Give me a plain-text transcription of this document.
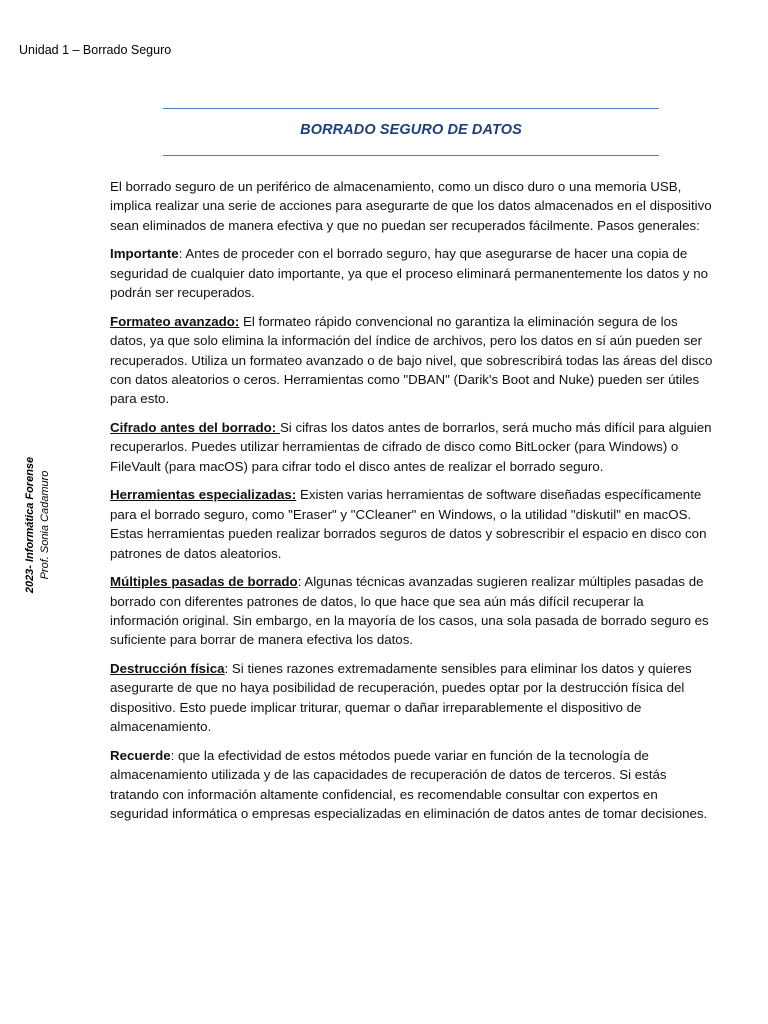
Unidad 1 – Borrado Seguro
BORRADO SEGURO DE DATOS
2023- Informática Forense Prof. Sonia Cadamuro

El borrado seguro de un periférico de almacenamiento, como un disco duro o una memoria USB, implica realizar una serie de acciones para asegurarte de que los datos almacenados en el dispositivo sean eliminados de manera efectiva y que no puedan ser recuperados fácilmente. Pasos generales:

Importante: Antes de proceder con el borrado seguro, hay que asegurarse de hacer una copia de seguridad de cualquier dato importante, ya que el proceso eliminará permanentemente los datos y no podrán ser recuperados.

Formateo avanzado: El formateo rápido convencional no garantiza la eliminación segura de los datos, ya que solo elimina la información del índice de archivos, pero los datos en sí aún pueden ser recuperados. Utiliza un formateo avanzado o de bajo nivel, que sobrescribirá todas las áreas del disco con datos aleatorios o ceros. Herramientas como "DBAN" (Darik's Boot and Nuke) pueden ser útiles para esto.

Cifrado antes del borrado: Si cifras los datos antes de borrarlos, será mucho más difícil para alguien recuperarlos. Puedes utilizar herramientas de cifrado de disco como BitLocker (para Windows) o FileVault (para macOS) para cifrar todo el disco antes de realizar el borrado seguro.

Herramientas especializadas: Existen varias herramientas de software diseñadas específicamente para el borrado seguro, como "Eraser" y "CCleaner" en Windows, o la utilidad "diskutil" en macOS. Estas herramientas pueden realizar borrados seguros de datos y sobrescribir el espacio en disco con patrones de datos aleatorios.

Múltiples pasadas de borrado: Algunas técnicas avanzadas sugieren realizar múltiples pasadas de borrado con diferentes patrones de datos, lo que hace que sea aún más difícil recuperar la información original. Sin embargo, en la mayoría de los casos, una sola pasada de borrado seguro es suficiente para borrar de manera efectiva los datos.

Destrucción física: Si tienes razones extremadamente sensibles para eliminar los datos y quieres asegurarte de que no haya posibilidad de recuperación, puedes optar por la destrucción física del dispositivo. Esto puede implicar triturar, quemar o dañar irreparablemente el dispositivo de almacenamiento.

Recuerde: que la efectividad de estos métodos puede variar en función de la tecnología de almacenamiento utilizada y de las capacidades de recuperación de datos de terceros. Si estás tratando con información altamente confidencial, es recomendable consultar con expertos en seguridad informática o empresas especializadas en eliminación de datos antes de tomar decisiones.
